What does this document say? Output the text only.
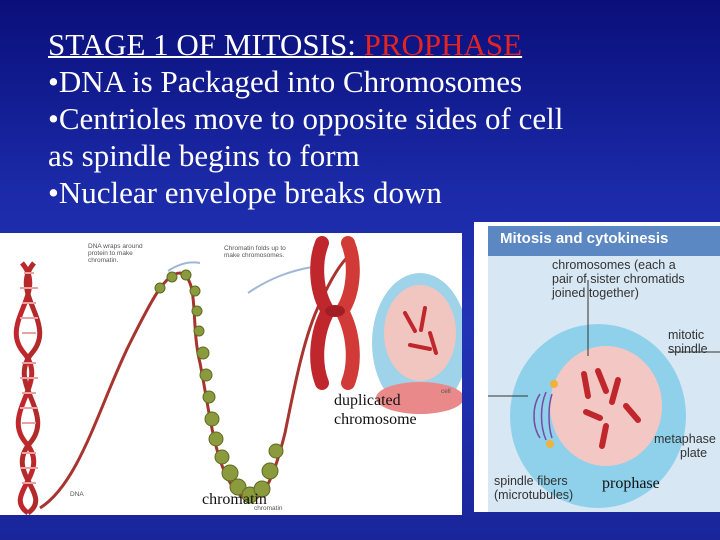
STAGE 1 OF MITOSIS: PROPHASE
•DNA is Packaged into Chromosomes
•Centrioles move to opposite sides of cell
as spindle begins to form
•Nuclear envelope breaks down
DNA wraps around
protein to make
chromatin.
Chromatin folds up to
make chromosomes.
DNA
chromatin
cell
duplicated
chromosome
chromatin
Mitosis and cytokinesis
chromosomes (each a
pair of sister chromatids
joined together)
mitotic
spindle
metaphase
plate
spindle fibers
(microtubules)
prophase
